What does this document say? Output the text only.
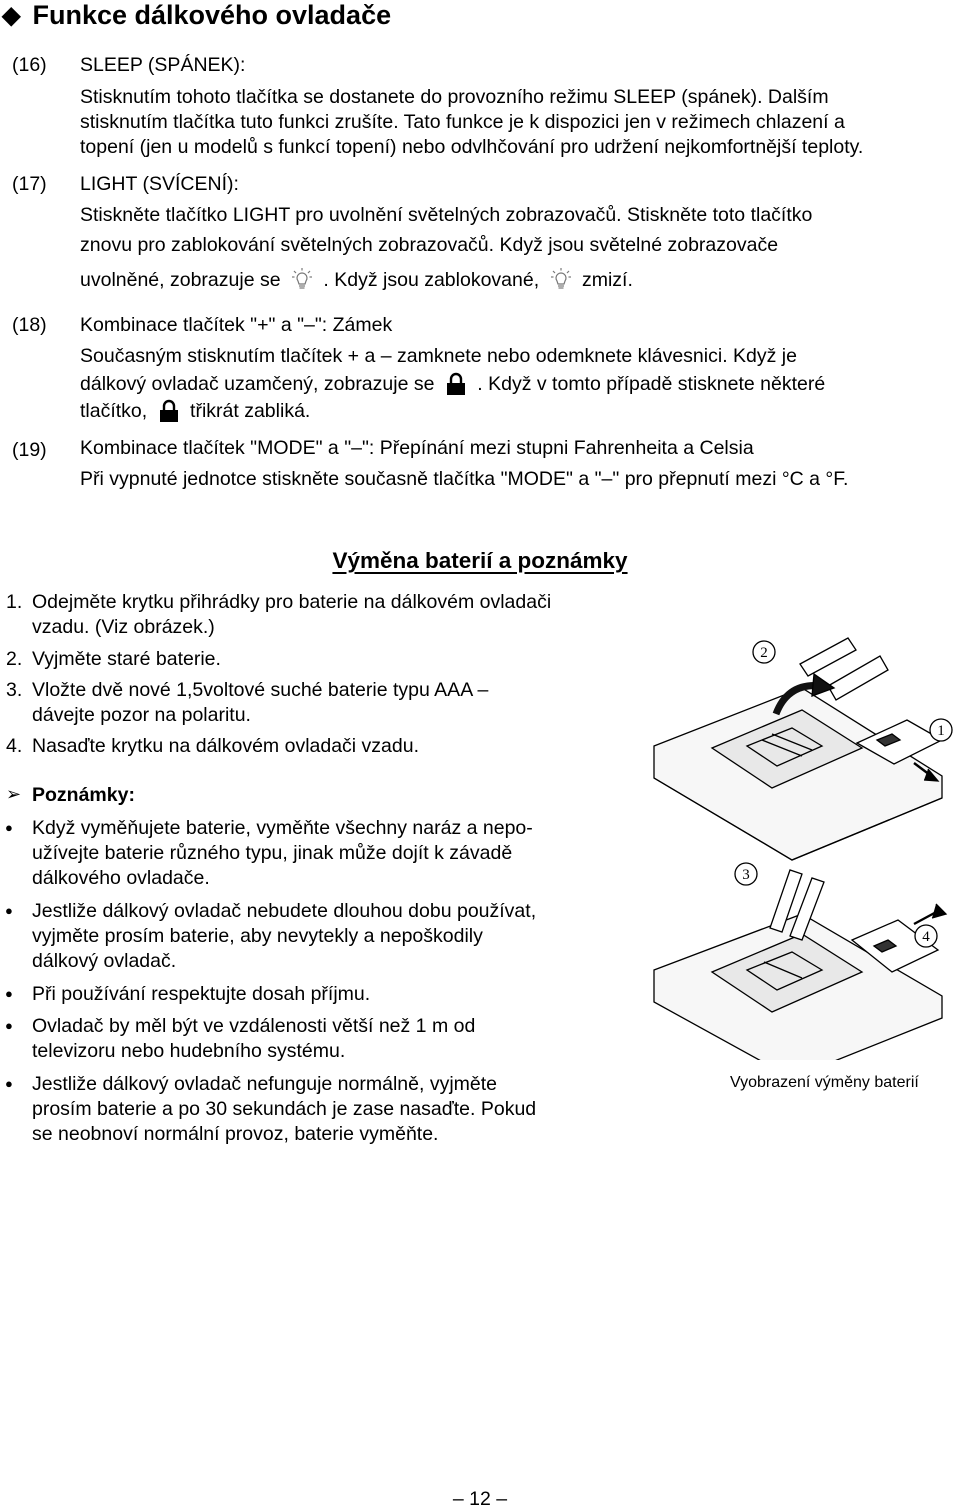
◆ Funkce dálkového ovladače
(16) SLEEP (SPÁNEK):
Stisknutím tohoto tlačítka se dostanete do provozního režimu SLEEP (spánek). Dalším
stisknutím tlačítka tuto funkci zrušíte. Tato funkce je k dispozici jen v režimech chlazení a
topení (jen u modelů s funkcí topení) nebo odvlhčování pro udržení nejkomfortnější teploty.
(17) LIGHT (SVÍCENÍ):
Stiskněte tlačítko LIGHT pro uvolnění světelných zobrazovačů. Stiskněte toto tlačítko
znovu pro zablokování světelných zobrazovačů. Když jsou světelné zobrazovače
uvolněné, zobrazuje se . Když jsou zablokované, zmizí.
(18) Kombinace tlačítek "+" a "–": Zámek
Současným stisknutím tlačítek + a – zamknete nebo odemknete klávesnici. Když je
dálkový ovladač uzamčený, zobrazuje se . Když v tomto případě stisknete některé
tlačítko, třikrát zabliká.
(19) Kombinace tlačítek "MODE" a "–": Přepínání mezi stupni Fahrenheita a Celsia
Při vypnuté jednotce stiskněte současně tlačítka "MODE" a "–" pro přepnutí mezi °C a °F.
Výměna baterií a poznámky
1. Odejměte krytku přihrádky pro baterie na dálkovém ovladači
vzadu. (Viz obrázek.)
2. Vyjměte staré baterie.
3. Vložte dvě nové 1,5voltové suché baterie typu AAA –
dávejte pozor na polaritu.
4. Nasaďte krytku na dálkovém ovladači vzadu.
➢ Poznámky:
● Když vyměňujete baterie, vyměňte všechny naráz a nepo-
užívejte baterie různého typu, jinak může dojít k závadě
dálkového ovladače.
● Jestliže dálkový ovladač nebudete dlouhou dobu používat,
vyjměte prosím baterie, aby nevytekly a nepoškodily
dálkový ovladač.
● Při používání respektujte dosah příjmu.
● Ovladač by měl být ve vzdálenosti větší než 1 m od
televizoru nebo hudebního systému.
● Jestliže dálkový ovladač nefunguje normálně, vyjměte
prosím baterie a po 30 sekundách je zase nasaďte. Pokud
se neobnoví normální provoz, baterie vyměňte.
2
1
3
4
Vyobrazení výměny baterií
– 12 –
